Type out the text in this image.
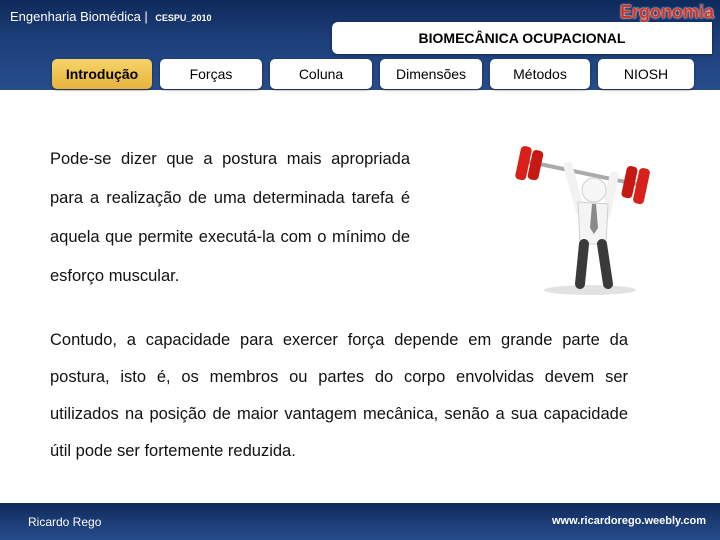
Engenharia Biomédica | CESPU_2010	Ergonomia
BIOMECÂNICA OCUPACIONAL
Introdução	Forças	Coluna	Dimensões	Métodos	NIOSH
Pode-se dizer que a postura mais apropriada para a realização de uma determinada tarefa é aquela que permite executá-la com o mínimo de esforço muscular.
Contudo, a capacidade para exercer força depende em grande parte da postura, isto é, os membros ou partes do corpo envolvidas devem ser utilizados na posição de maior vantagem mecânica, senão a sua capacidade útil pode ser fortemente reduzida.
Ricardo Rego	www.ricardorego.weebly.com
